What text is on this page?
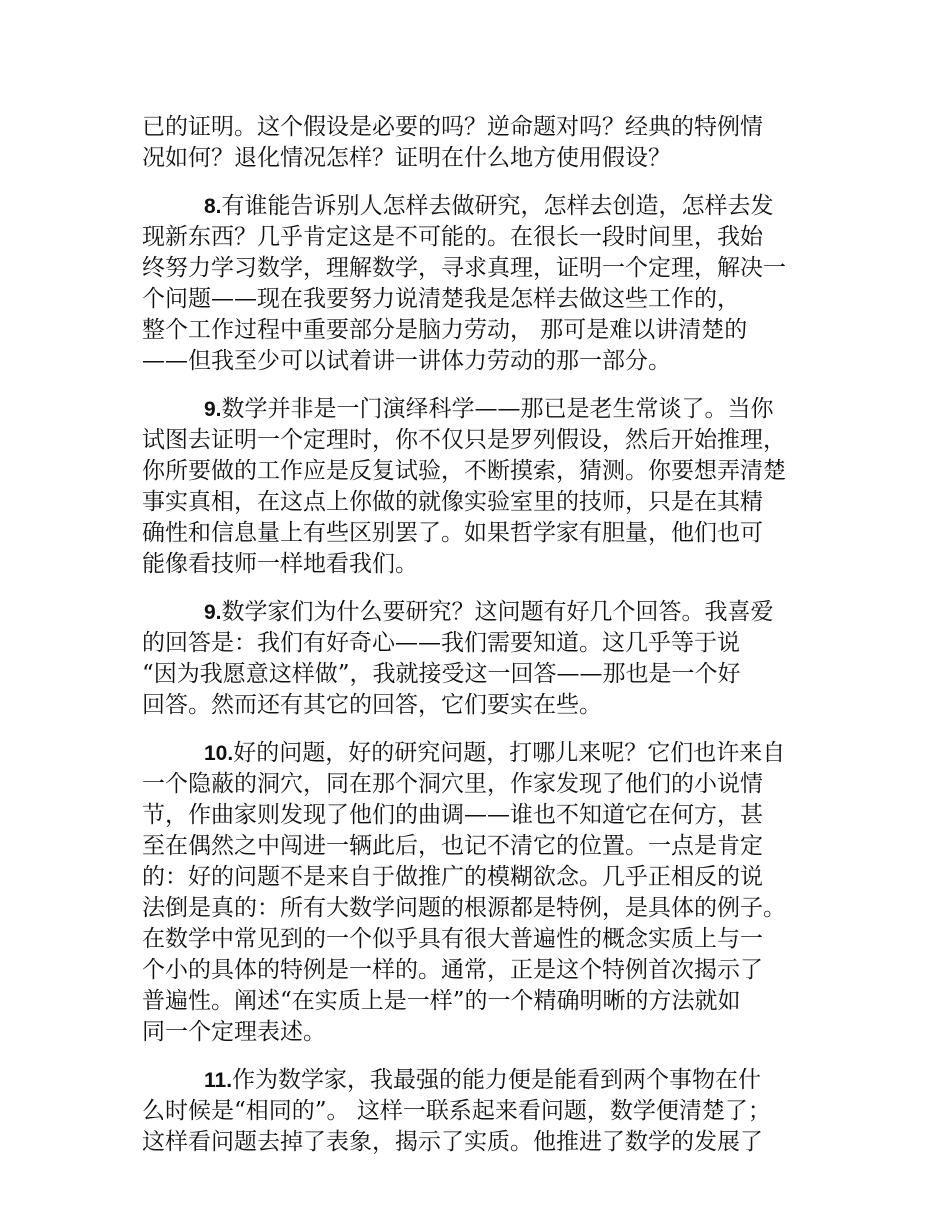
已的证明。这个假设是必要的吗？逆命题对吗？经典的特例情
况如何？退化情况怎样？证明在什么地方使用假设？
8.有谁能告诉别人怎样去做研究，怎样去创造，怎样去发
现新东西？几乎肯定这是不可能的。在很长一段时间里，我始
终努力学习数学，理解数学，寻求真理，证明一个定理，解决一
个问题——现在我要努力说清楚我是怎样去做这些工作的，
整个工作过程中重要部分是脑力劳动， 那可是难以讲清楚的
——但我至少可以试着讲一讲体力劳动的那一部分。
9.数学并非是一门演绎科学——那已是老生常谈了。当你
试图去证明一个定理时，你不仅只是罗列假设，然后开始推理，
你所要做的工作应是反复试验，不断摸索，猜测。你要想弄清楚
事实真相，在这点上你做的就像实验室里的技师，只是在其精
确性和信息量上有些区别罢了。如果哲学家有胆量，他们也可
能像看技师一样地看我们。
9.数学家们为什么要研究？这问题有好几个回答。我喜爱
的回答是：我们有好奇心——我们需要知道。这几乎等于说
“因为我愿意这样做”，我就接受这一回答——那也是一个好
回答。然而还有其它的回答，它们要实在些。
10.好的问题，好的研究问题，打哪儿来呢？它们也许来自
一个隐蔽的洞穴，同在那个洞穴里，作家发现了他们的小说情
节，作曲家则发现了他们的曲调——谁也不知道它在何方，甚
至在偶然之中闯进一辆此后，也记不清它的位置。一点是肯定
的：好的问题不是来自于做推广的模糊欲念。几乎正相反的说
法倒是真的：所有大数学问题的根源都是特例，是具体的例子。
在数学中常见到的一个似乎具有很大普遍性的概念实质上与一
个小的具体的特例是一样的。通常，正是这个特例首次揭示了
普遍性。阐述“在实质上是一样”的一个精确明晰的方法就如
同一个定理表述。
11.作为数学家，我最强的能力便是能看到两个事物在什
么时候是“相同的”。 这样一联系起来看问题，数学便清楚了；
这样看问题去掉了表象，揭示了实质。他推进了数学的发展了
